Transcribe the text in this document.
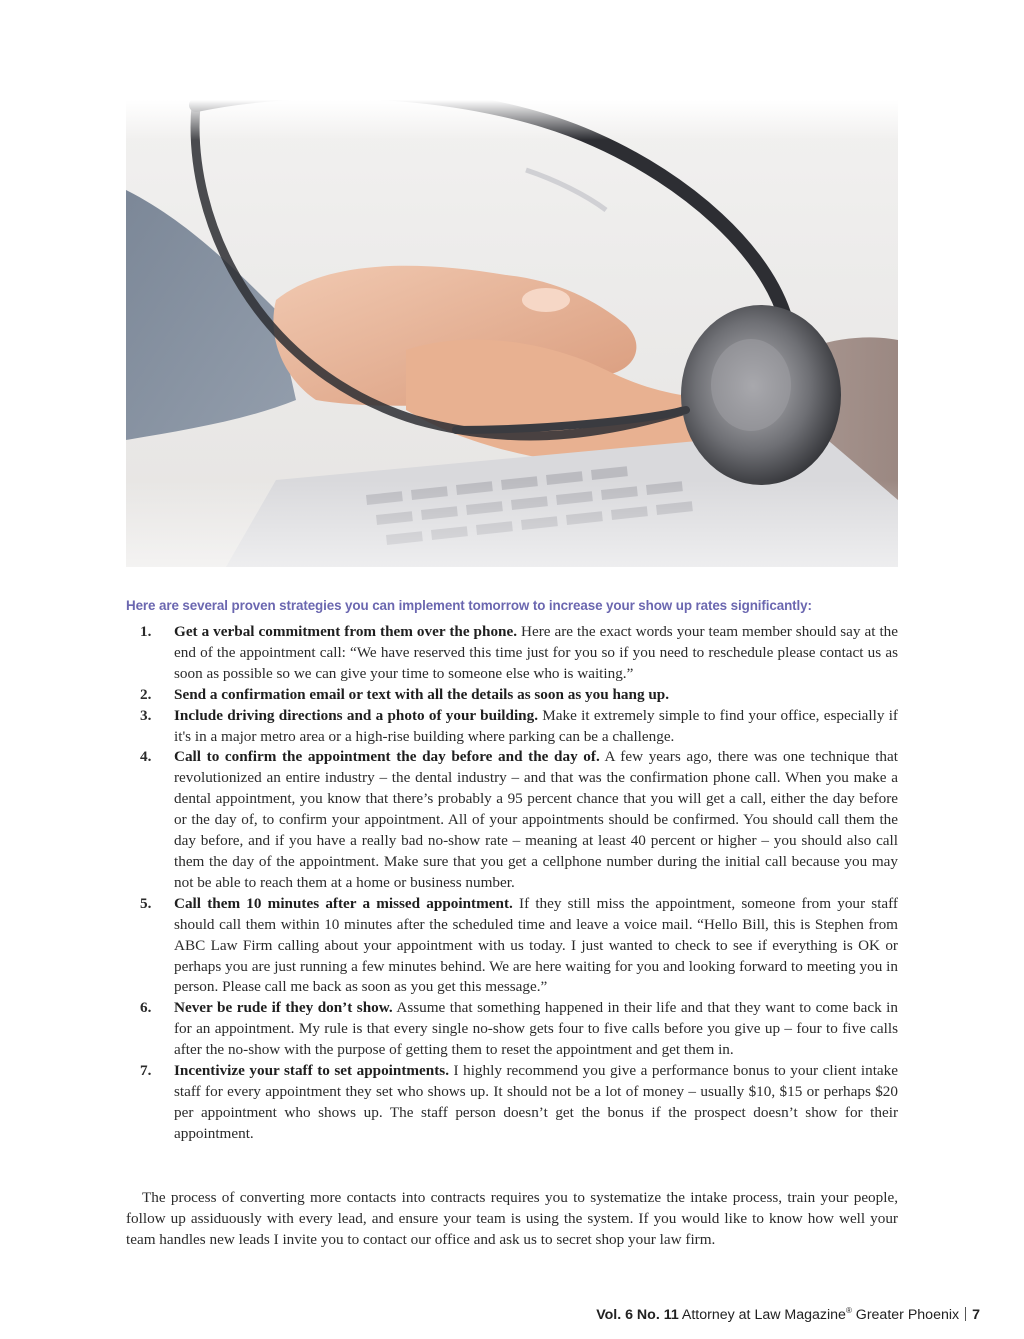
Here are several proven strategies you can implement tomorrow to increase your show up rates significantly:
1. Get a verbal commitment from them over the phone. Here are the exact words your team member should say at the end of the appointment call: “We have reserved this time just for you so if you need to reschedule please contact us as soon as possible so we can give your time to someone else who is waiting.”
2. Send a confirmation email or text with all the details as soon as you hang up.
3. Include driving directions and a photo of your building. Make it extremely simple to find your office, especially if it's in a major metro area or a high-rise building where parking can be a challenge.
4. Call to confirm the appointment the day before and the day of. A few years ago, there was one technique that revolutionized an entire industry – the dental industry – and that was the confirmation phone call. When you make a dental appointment, you know that there’s probably a 95 percent chance that you will get a call, either the day before or the day of, to confirm your appointment. All of your appointments should be confirmed. You should call them the day before, and if you have a really bad no-show rate – meaning at least 40 percent or higher – you should also call them the day of the appointment. Make sure that you get a cellphone number during the initial call because you may not be able to reach them at a home or business number.
5. Call them 10 minutes after a missed appointment. If they still miss the appointment, someone from your staff should call them within 10 minutes after the scheduled time and leave a voice mail. “Hello Bill, this is Stephen from ABC Law Firm calling about your appointment with us today. I just wanted to check to see if everything is OK or perhaps you are just running a few minutes behind. We are here waiting for you and looking forward to meeting you in person. Please call me back as soon as you get this message.”
6. Never be rude if they don’t show. Assume that something happened in their life and that they want to come back in for an appointment. My rule is that every single no-show gets four to five calls before you give up – four to five calls after the no-show with the purpose of getting them to reset the appointment and get them in.
7. Incentivize your staff to set appointments. I highly recommend you give a performance bonus to your client intake staff for every appointment they set who shows up. It should not be a lot of money – usually $10, $15 or perhaps $20 per appointment who shows up. The staff person doesn’t get the bonus if the prospect doesn’t show for their appointment.

The process of converting more contacts into contracts requires you to systematize the intake process, train your people, follow up assiduously with every lead, and ensure your team is using the system. If you would like to know how well your team handles new leads I invite you to contact our office and ask us to secret shop your law firm.

Vol. 6 No. 11 Attorney at Law Magazine® Greater Phoenix 7
